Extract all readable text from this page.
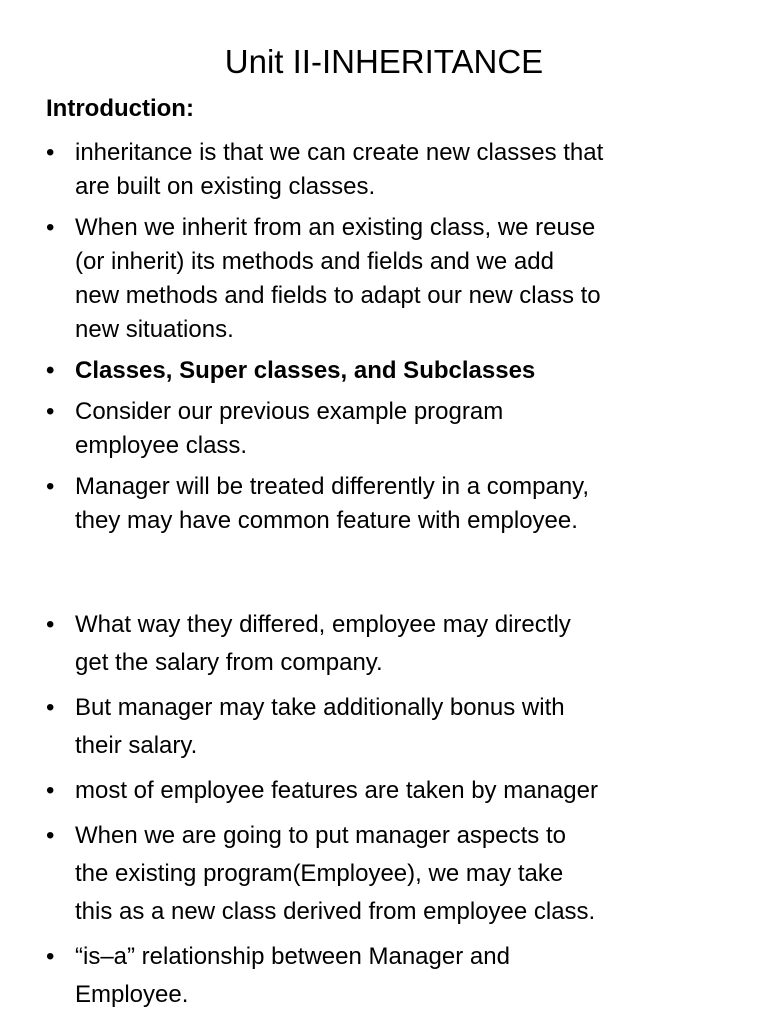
Unit II-INHERITANCE
Introduction:
• inheritance is that we can create new classes that
are built on existing classes.
• When we inherit from an existing class, we reuse
(or inherit) its methods and fields and we add
new methods and fields to adapt our new class to
new situations.
• Classes, Super classes, and Subclasses
• Consider our previous example program
employee class.
• Manager will be treated differently in a company,
they may have common feature with employee.
• What way they differed, employee may directly
get the salary from company.
• But manager may take additionally bonus with
their salary.
• most of employee features are taken by manager
• When we are going to put manager aspects to
the existing program(Employee), we may take
this as a new class derived from employee class.
• “is–a” relationship between Manager and
Employee.
